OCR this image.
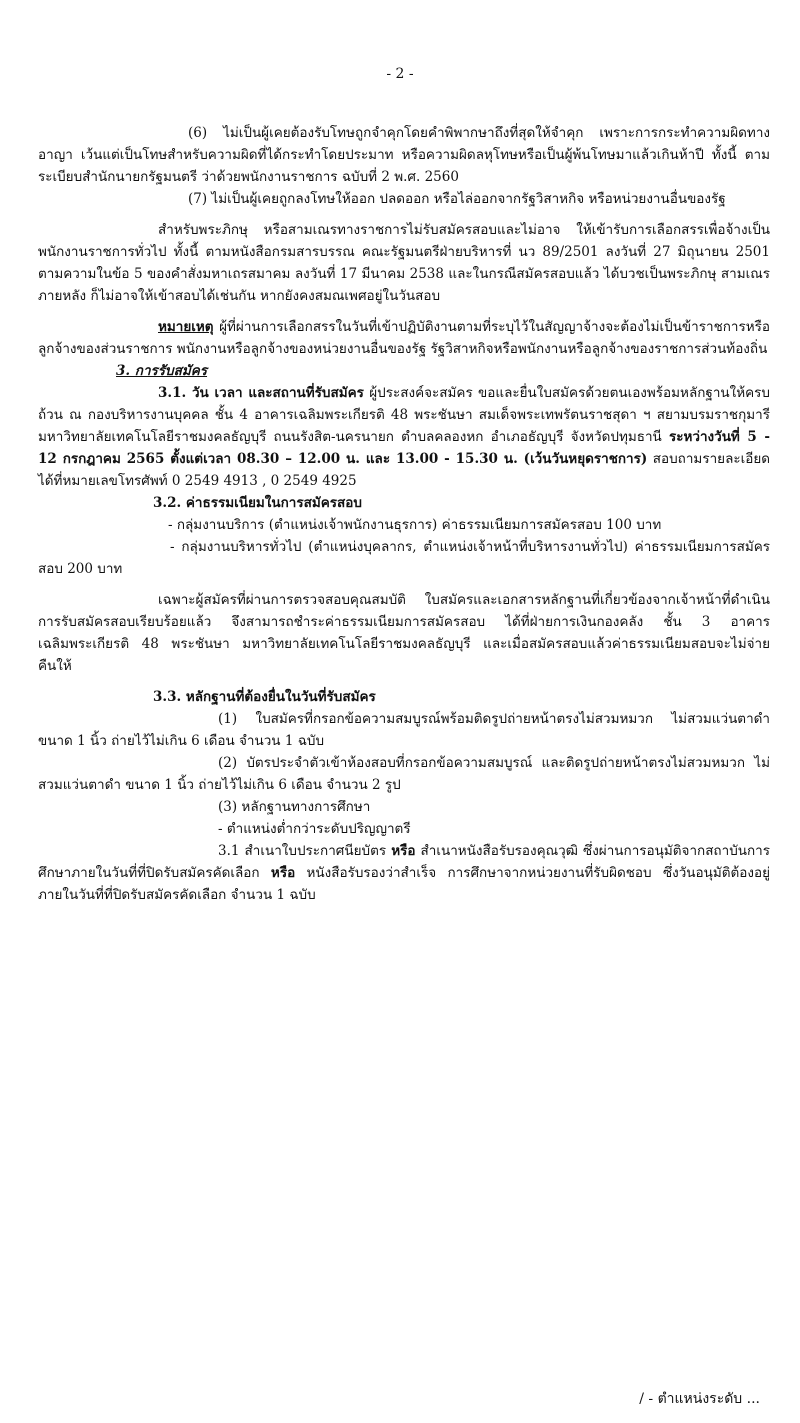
- 2 -

(6) ไม่เป็นผู้เคยต้องรับโทษถูกจำคุกโดยคำพิพากษาถึงที่สุดให้จำคุก เพราะการกระทำความผิดทางอาญา เว้นแต่เป็นโทษสำหรับความผิดที่ได้กระทำโดยประมาท หรือความผิดลหุโทษหรือเป็นผู้พ้นโทษมาแล้วเกินห้าปี ทั้งนี้ ตามระเบียบสำนักนายกรัฐมนตรี ว่าด้วยพนักงานราชการ ฉบับที่ 2 พ.ศ. 2560

(7) ไม่เป็นผู้เคยถูกลงโทษให้ออก ปลดออก หรือไล่ออกจากรัฐวิสาหกิจ หรือหน่วยงานอื่นของรัฐ

สำหรับพระภิกษุ หรือสามเณรทางราชการไม่รับสมัครสอบและไม่อาจ ให้เข้ารับการเลือกสรรเพื่อจ้างเป็นพนักงานราชการทั่วไป ทั้งนี้ ตามหนังสือกรมสารบรรณ คณะรัฐมนตรีฝ่ายบริหารที่ นว 89/2501 ลงวันที่ 27 มิถุนายน 2501 ตามความในข้อ 5 ของคำสั่งมหาเถรสมาคม ลงวันที่ 17 มีนาคม 2538 และในกรณีสมัครสอบแล้ว ได้บวชเป็นพระภิกษุ สามเณรภายหลัง ก็ไม่อาจให้เข้าสอบได้เช่นกัน หากยังคงสมณเพศอยู่ในวันสอบ

หมายเหตุ ผู้ที่ผ่านการเลือกสรรในวันที่เข้าปฏิบัติงานตามที่ระบุไว้ในสัญญาจ้างจะต้องไม่เป็นข้าราชการหรือลูกจ้างของส่วนราชการ พนักงานหรือลูกจ้างของหน่วยงานอื่นของรัฐ รัฐวิสาหกิจหรือพนักงานหรือลูกจ้างของราชการส่วนท้องถิ่น

3. การรับสมัคร

3.1. วัน เวลา และสถานที่รับสมัคร ผู้ประสงค์จะสมัคร ขอและยื่นใบสมัครด้วยตนเองพร้อมหลักฐานให้ครบถ้วน ณ กองบริหารงานบุคคล ชั้น 4 อาคารเฉลิมพระเกียรติ 48 พระชันษา สมเด็จพระเทพรัตนราชสุดา ฯ สยามบรมราชกุมารี มหาวิทยาลัยเทคโนโลยีราชมงคลธัญบุรี ถนนรังสิต-นครนายก ตำบลคลองหก อำเภอธัญบุรี จังหวัดปทุมธานี ระหว่างวันที่ 5 - 12 กรกฎาคม 2565 ตั้งแต่เวลา 08.30 – 12.00 น. และ 13.00 - 15.30 น. (เว้นวันหยุดราชการ) สอบถามรายละเอียดได้ที่หมายเลขโทรศัพท์ 0 2549 4913 , 0 2549 4925

3.2. ค่าธรรมเนียมในการสมัครสอบ

- กลุ่มงานบริการ (ตำแหน่งเจ้าพนักงานธุรการ) ค่าธรรมเนียมการสมัครสอบ 100 บาท

- กลุ่มงานบริหารทั่วไป (ตำแหน่งบุคลากร, ตำแหน่งเจ้าหน้าที่บริหารงานทั่วไป) ค่าธรรมเนียมการสมัครสอบ 200 บาท

เฉพาะผู้สมัครที่ผ่านการตรวจสอบคุณสมบัติ ใบสมัครและเอกสารหลักฐานที่เกี่ยวข้องจากเจ้าหน้าที่ดำเนินการรับสมัครสอบเรียบร้อยแล้ว จึงสามารถชำระค่าธรรมเนียมการสมัครสอบ ได้ที่ฝ่ายการเงินกองคลัง ชั้น 3 อาคารเฉลิมพระเกียรติ 48 พระชันษา มหาวิทยาลัยเทคโนโลยีราชมงคลธัญบุรี และเมื่อสมัครสอบแล้วค่าธรรมเนียมสอบจะไม่จ่ายคืนให้

3.3. หลักฐานที่ต้องยื่นในวันที่รับสมัคร

(1) ใบสมัครที่กรอกข้อความสมบูรณ์พร้อมติดรูปถ่ายหน้าตรงไม่สวมหมวก ไม่สวมแว่นตาดำ ขนาด 1 นิ้ว ถ่ายไว้ไม่เกิน 6 เดือน จำนวน 1 ฉบับ

(2) บัตรประจำตัวเข้าห้องสอบที่กรอกข้อความสมบูรณ์ และติดรูปถ่ายหน้าตรงไม่สวมหมวก ไม่สวมแว่นตาดำ ขนาด 1 นิ้ว ถ่ายไว้ไม่เกิน 6 เดือน จำนวน 2 รูป

(3) หลักฐานทางการศึกษา

- ตำแหน่งต่ำกว่าระดับปริญญาตรี

3.1 สำเนาใบประกาศนียบัตร หรือ สำเนาหนังสือรับรองคุณวุฒิ ซึ่งผ่านการอนุมัติจากสถาบันการศึกษาภายในวันที่ที่ปิดรับสมัครคัดเลือก หรือ หนังสือรับรองว่าสำเร็จ การศึกษาจากหน่วยงานที่รับผิดชอบ ซึ่งวันอนุมัติต้องอยู่ภายในวันที่ที่ปิดรับสมัครคัดเลือก จำนวน 1 ฉบับ

/ - ตำแหน่งระดับ ...
